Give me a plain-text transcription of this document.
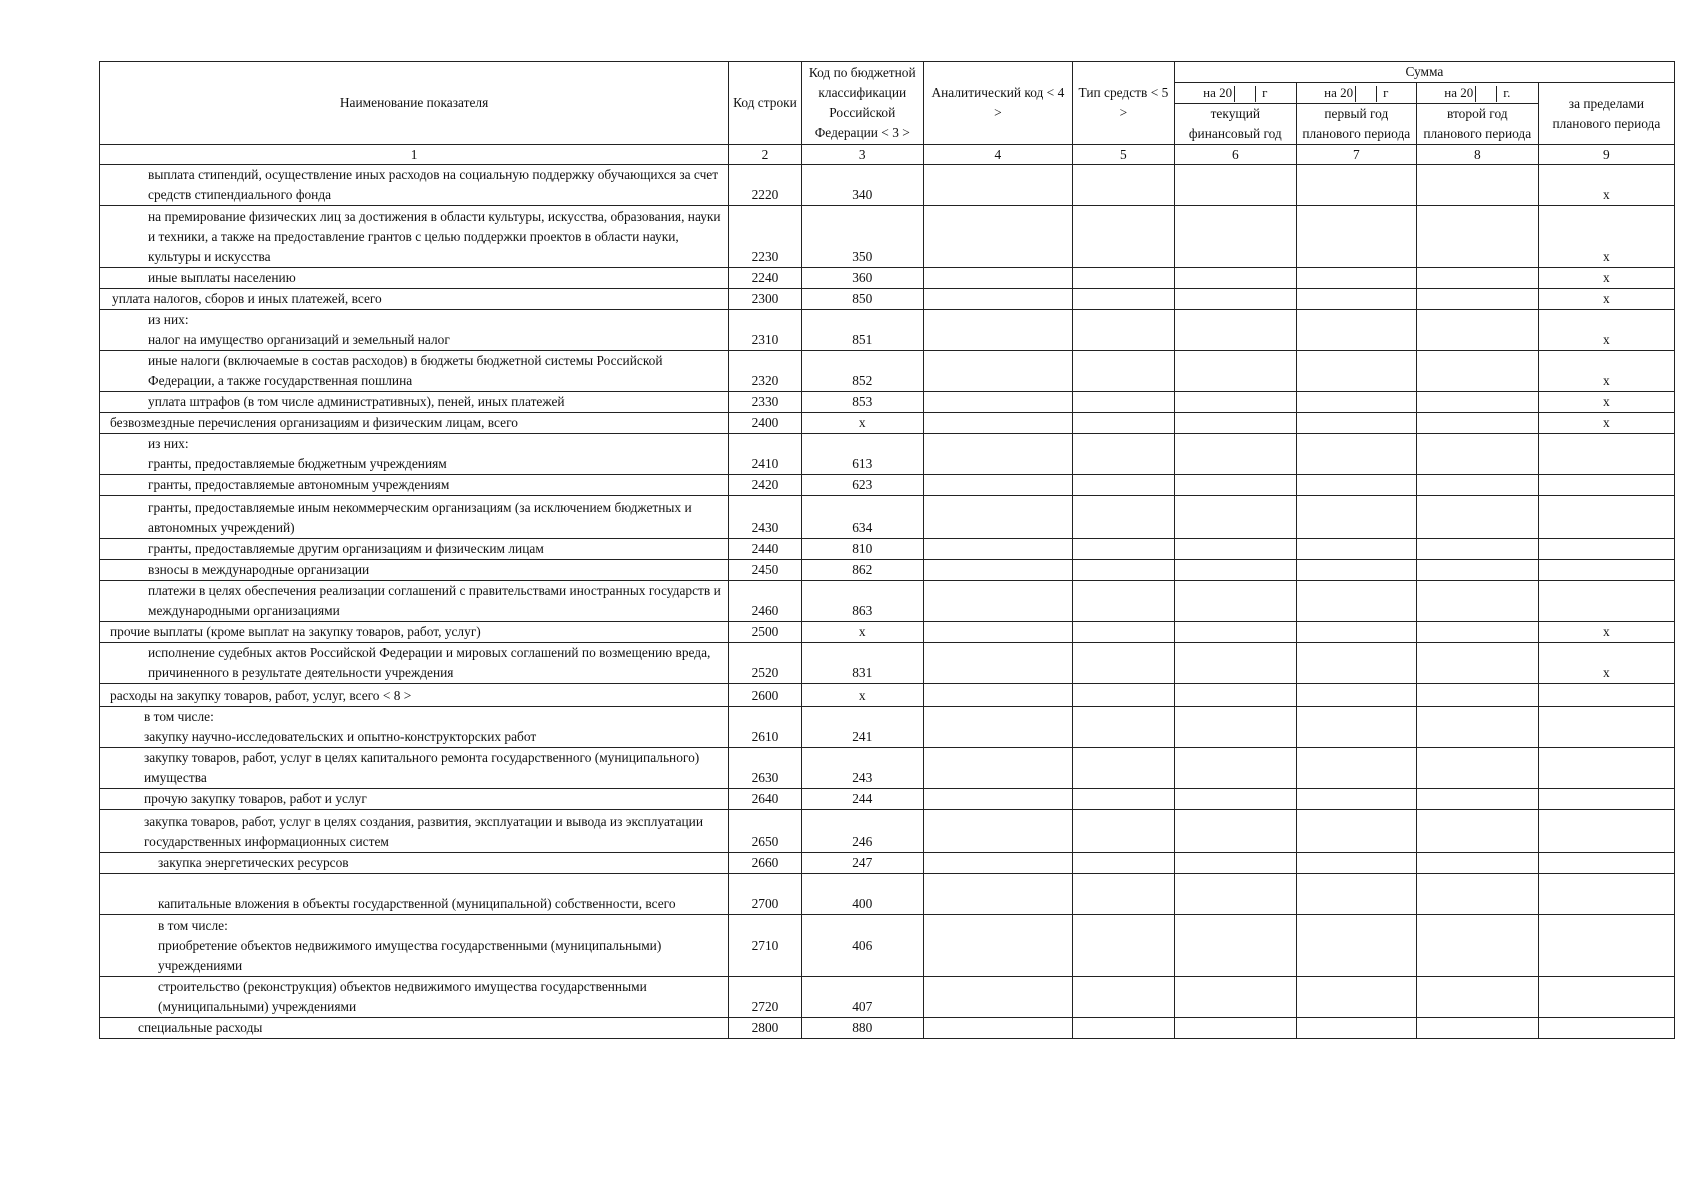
Наименование показателя	Код строки	Код по бюджетной классификации Российской Федерации < 3 >	Аналитический код < 4 >	Тип средств < 5 >	Сумма			
					на 20 г	на 20 г	на 20 г.	за пределами планового периода
					текущий финансовый год	первый год планового периода	второй год планового периода	
1	2	3	4	5	6	7	8	9

выплата стипендий, осуществление иных расходов на социальную поддержку обучающихся за счет средств стипендиального фонда	2220	340						х

на премирование физических лиц за достижения в области культуры, искусства, образования, науки и техники, а также на предоставление грантов с целью поддержки проектов в области науки, культуры и искусства	2230	350						х

иные выплаты населению	2240	360						х

уплата налогов, сборов и иных платежей, всего	2300	850						х

из них:
налог на имущество организаций и земельный налог	2310	851						х

иные налоги (включаемые в состав расходов) в бюджеты бюджетной системы Российской Федерации, а также государственная пошлина	2320	852						х

уплата штрафов (в том числе административных), пеней, иных платежей	2330	853						х

безвозмездные перечисления организациям и физическим лицам, всего	2400	х						х

из них:
гранты, предоставляемые бюджетным учреждениям	2410	613						

гранты, предоставляемые автономным учреждениям	2420	623						

гранты, предоставляемые иным некоммерческим организациям (за исключением бюджетных и автономных учреждений)	2430	634						

гранты, предоставляемые другим организациям и физическим лицам	2440	810						

взносы в международные организации	2450	862						

платежи в целях обеспечения реализации соглашений с правительствами иностранных государств и международными организациями	2460	863						

прочие выплаты (кроме выплат на закупку товаров, работ, услуг)	2500	х						х

исполнение судебных актов Российской Федерации и мировых соглашений по возмещению вреда, причиненного в результате деятельности учреждения	2520	831						х

расходы на закупку товаров, работ, услуг, всего < 8 >	2600	х						

в том числе:
закупку научно-исследовательских и опытно-конструкторских работ	2610	241						

закупку товаров, работ, услуг в целях капитального ремонта государственного (муниципального) имущества	2630	243						

прочую закупку товаров, работ и услуг	2640	244						

закупка товаров, работ, услуг в целях создания, развития, эксплуатации и вывода из эксплуатации государственных информационных систем	2650	246						

закупка энергетических ресурсов	2660	247						

капитальные вложения в объекты государственной (муниципальной) собственности, всего	2700	400						

в том числе:
приобретение объектов недвижимого имущества государственными (муниципальными) учреждениями	2710	406						

строительство (реконструкция) объектов недвижимого имущества государственными (муниципальными) учреждениями	2720	407						

специальные расходы	2800	880						
